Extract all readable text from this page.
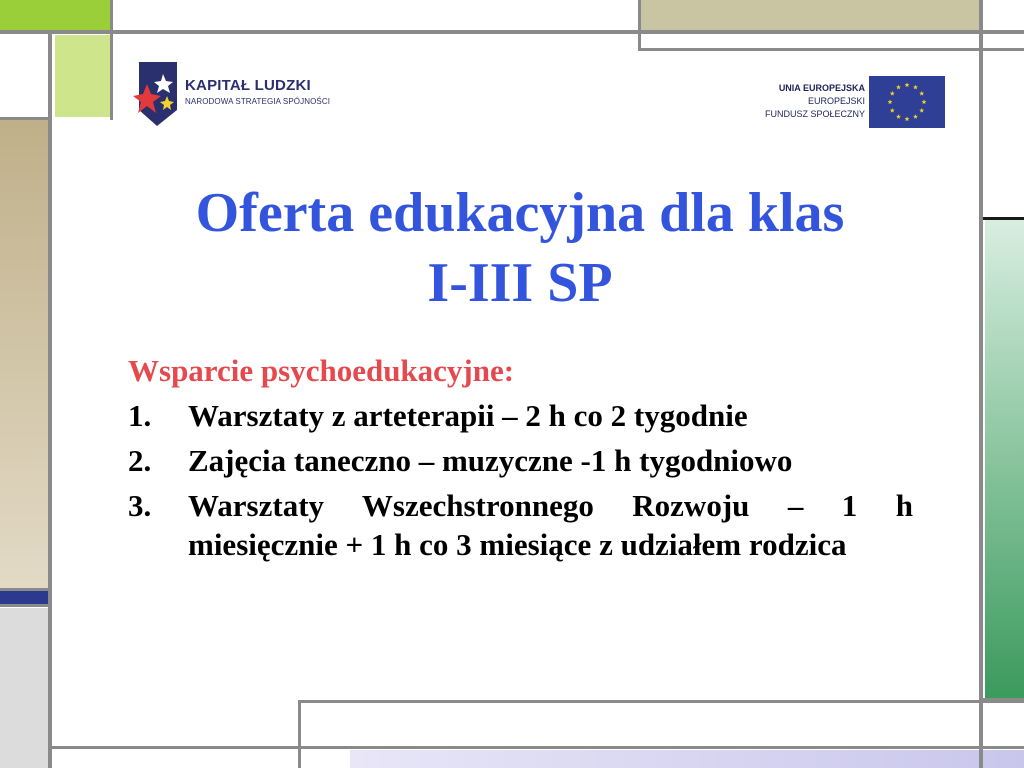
KAPITAŁ LUDZKI
NARODOWA STRATEGIA SPÓJNOŚCI
UNIA EUROPEJSKA
EUROPEJSKI
FUNDUSZ SPOŁECZNY
Oferta edukacyjna dla klas
I-III SP
Wsparcie psychoedukacyjne:
1. Warsztaty z arteterapii – 2 h co 2 tygodnie
2. Zajęcia taneczno – muzyczne -1 h tygodniowo
3. Warsztaty Wszechstronnego Rozwoju – 1 h miesięcznie + 1 h co 3 miesiące z udziałem rodzica
